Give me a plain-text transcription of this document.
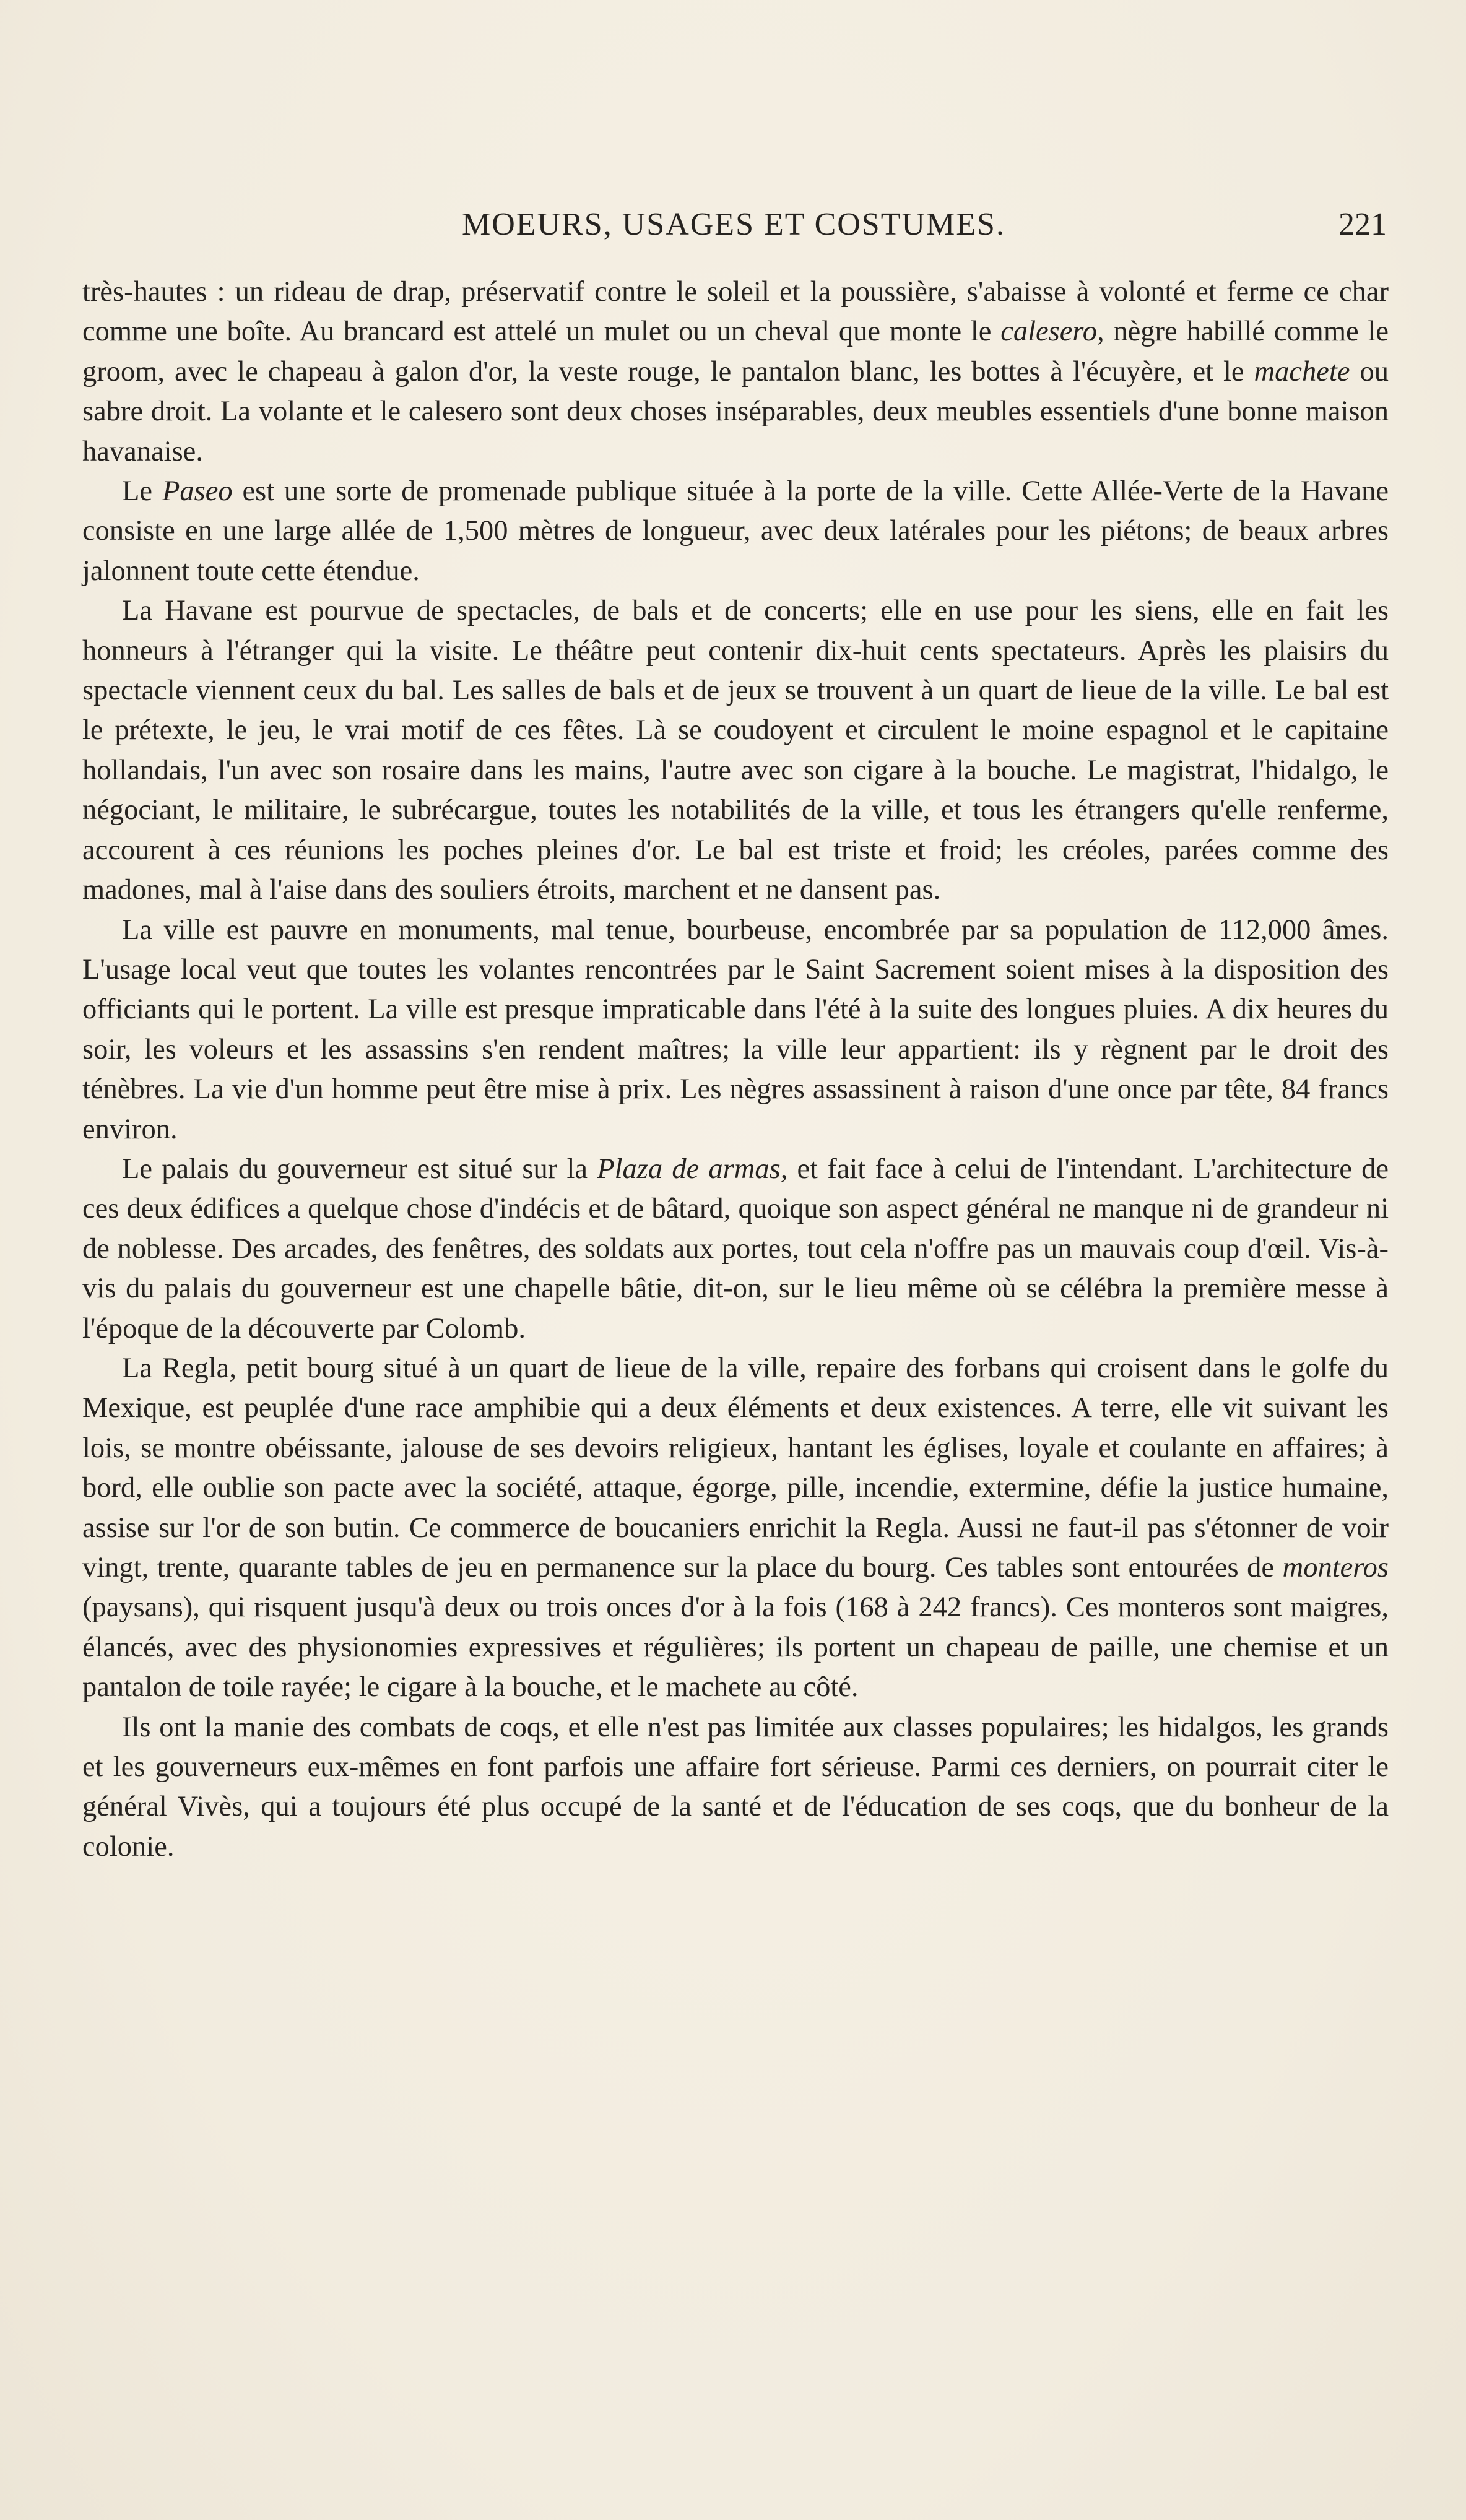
MOEURS, USAGES ET COSTUMES.	221

très-hautes : un rideau de drap, préservatif contre le soleil et la poussière, s'abaisse à volonté et ferme ce char comme une boîte. Au brancard est attelé un mulet ou un cheval que monte le calesero, nègre habillé comme le groom, avec le chapeau à galon d'or, la veste rouge, le pantalon blanc, les bottes à l'écuyère, et le machete ou sabre droit. La volante et le calesero sont deux choses inséparables, deux meubles essentiels d'une bonne maison havanaise.

Le Paseo est une sorte de promenade publique située à la porte de la ville. Cette Allée-Verte de la Havane consiste en une large allée de 1,500 mètres de longueur, avec deux latérales pour les piétons; de beaux arbres jalonnent toute cette étendue.

La Havane est pourvue de spectacles, de bals et de concerts; elle en use pour les siens, elle en fait les honneurs à l'étranger qui la visite. Le théâtre peut contenir dix-huit cents spectateurs. Après les plaisirs du spectacle viennent ceux du bal. Les salles de bals et de jeux se trouvent à un quart de lieue de la ville. Le bal est le prétexte, le jeu, le vrai motif de ces fêtes. Là se coudoyent et circulent le moine espagnol et le capitaine hollandais, l'un avec son rosaire dans les mains, l'autre avec son cigare à la bouche. Le magistrat, l'hidalgo, le négociant, le militaire, le subrécargue, toutes les notabilités de la ville, et tous les étrangers qu'elle renferme, accourent à ces réunions les poches pleines d'or. Le bal est triste et froid; les créoles, parées comme des madones, mal à l'aise dans des souliers étroits, marchent et ne dansent pas.

La ville est pauvre en monuments, mal tenue, bourbeuse, encombrée par sa population de 112,000 âmes. L'usage local veut que toutes les volantes rencontrées par le Saint Sacrement soient mises à la disposition des officiants qui le portent. La ville est presque impraticable dans l'été à la suite des longues pluies. A dix heures du soir, les voleurs et les assassins s'en rendent maîtres; la ville leur appartient: ils y règnent par le droit des ténèbres. La vie d'un homme peut être mise à prix. Les nègres assassinent à raison d'une once par tête, 84 francs environ.

Le palais du gouverneur est situé sur la Plaza de armas, et fait face à celui de l'intendant. L'architecture de ces deux édifices a quelque chose d'indécis et de bâtard, quoique son aspect général ne manque ni de grandeur ni de noblesse. Des arcades, des fenêtres, des soldats aux portes, tout cela n'offre pas un mauvais coup d'œil. Vis-à-vis du palais du gouverneur est une chapelle bâtie, dit-on, sur le lieu même où se célébra la première messe à l'époque de la découverte par Colomb.

La Regla, petit bourg situé à un quart de lieue de la ville, repaire des forbans qui croisent dans le golfe du Mexique, est peuplée d'une race amphibie qui a deux éléments et deux existences. A terre, elle vit suivant les lois, se montre obéissante, jalouse de ses devoirs religieux, hantant les églises, loyale et coulante en affaires; à bord, elle oublie son pacte avec la société, attaque, égorge, pille, incendie, extermine, défie la justice humaine, assise sur l'or de son butin. Ce commerce de boucaniers enrichit la Regla. Aussi ne faut-il pas s'étonner de voir vingt, trente, quarante tables de jeu en permanence sur la place du bourg. Ces tables sont entourées de monteros (paysans), qui risquent jusqu'à deux ou trois onces d'or à la fois (168 à 242 francs). Ces monteros sont maigres, élancés, avec des physionomies expressives et régulières; ils portent un chapeau de paille, une chemise et un pantalon de toile rayée; le cigare à la bouche, et le machete au côté.

Ils ont la manie des combats de coqs, et elle n'est pas limitée aux classes populaires; les hidalgos, les grands et les gouverneurs eux-mêmes en font parfois une affaire fort sérieuse. Parmi ces derniers, on pourrait citer le général Vivès, qui a toujours été plus occupé de la santé et de l'éducation de ses coqs, que du bonheur de la colonie.
